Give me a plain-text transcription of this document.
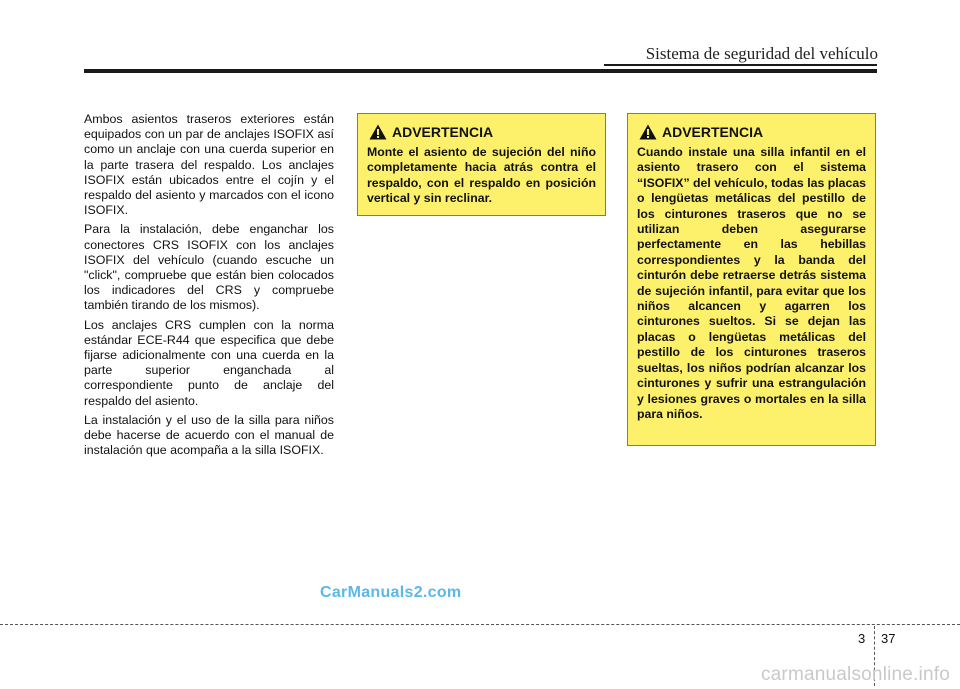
Sistema de seguridad del vehículo

Ambos asientos traseros exteriores están equipados con un par de anclajes ISOFIX así como un anclaje con una cuerda superior en la parte trasera del respaldo. Los anclajes ISOFIX están ubicados entre el cojín y el respaldo del asiento y marcados con el icono ISOFIX.

Para la instalación, debe enganchar los conectores CRS ISOFIX con los anclajes ISOFIX del vehículo (cuando escuche un "click", compruebe que están bien colocados los indicadores del CRS y compruebe también tirando de los mismos).

Los anclajes CRS cumplen con la norma estándar ECE-R44 que especifica que debe fijarse adicionalmente con una cuerda en la parte superior enganchada al correspondiente punto de anclaje del respaldo del asiento.

La instalación y el uso de la silla para niños debe hacerse de acuerdo con el manual de instalación que acompaña a la silla ISOFIX.

ADVERTENCIA

Monte el asiento de sujeción del niño completamente hacia atrás contra el respaldo, con el respaldo en posición vertical y sin reclinar.

ADVERTENCIA

Cuando instale una silla infantil en el asiento trasero con el sistema “ISOFIX” del vehículo, todas las placas o lengüetas metálicas del pestillo de los cinturones traseros que no se utilizan deben asegurarse perfectamente en las hebillas correspondientes y la banda del cinturón debe retraerse detrás sistema de sujeción infantil, para evitar que los niños alcancen y agarren los cinturones sueltos. Si se dejan las placas o lengüetas metálicas del pestillo de los cinturones traseros sueltas, los niños podrían alcanzar los cinturones y sufrir una estrangulación y lesiones graves o mortales en la silla para niños.

CarManuals2.com
3 37
carmanualsonline.info
